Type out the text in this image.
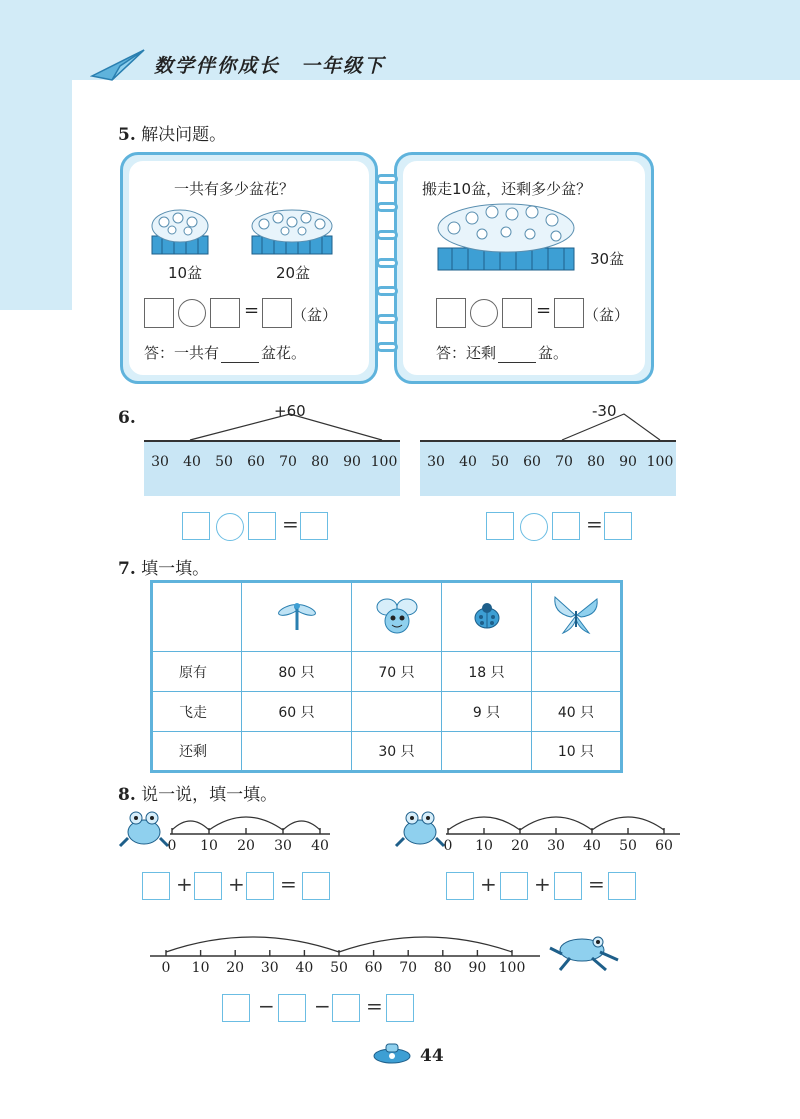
数学伴你成长　一年级下
5. 解决问题。
一共有多少盆花？
10盆	20盆
= （盆）
答：一共有	盆花。
搬走10盆，还剩多少盆？
30盆
= （盆）
答：还剩	盆。
6.	+60	-30
30	40	50	60	70	80	90 100	30	40	50	60	70	80	90 100
=	=
7. 填一填。

原有	80 只	70 只	18 只	
飞走	60 只		9 只	40 只
还剩		30 只		10 只
8. 说一说，填一填。
0	10	20	30	40	0	10	20	30	40	50	60
0	10	20	30	40	50	60	70	80	90 100
+ + =	+ + =
− − =
44
